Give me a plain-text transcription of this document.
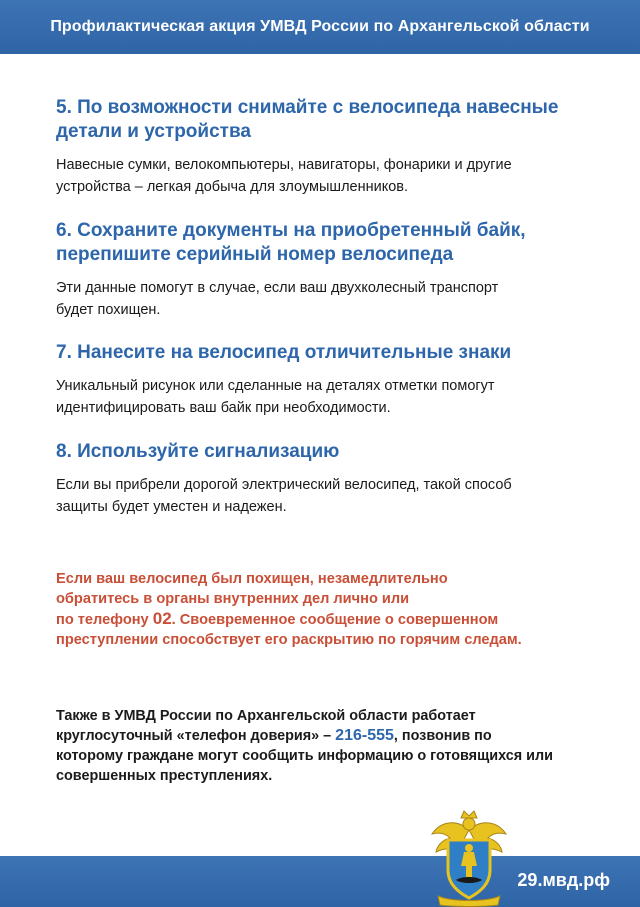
Профилактическая акция УМВД России по Архангельской области
5. По возможности снимайте с велосипеда навесные
детали и устройства

Навесные сумки, велокомпьютеры, навигаторы, фонарики и другие
устройства – легкая добыча для злоумышленников.

6. Сохраните документы на приобретенный байк,
перепишите серийный номер велосипеда

Эти данные помогут в случае, если ваш двухколесный транспорт
будет похищен.

7. Нанесите на велосипед отличительные знаки

Уникальный рисунок или сделанные на деталях отметки помогут
идентифицировать ваш байк при необходимости.

8. Используйте сигнализацию

Если вы прибрели дорогой электрический велосипед, такой способ
защиты будет уместен и надежен.

Если ваш велосипед был похищен, незамедлительно
обратитесь в органы внутренних дел лично или
по телефону 02. Своевременное сообщение о совершенном
преступлении способствует его раскрытию по горячим следам.
Также в УМВД России по Архангельской области работает
круглосуточный «телефон доверия» – 216-555, позвонив по
которому граждане могут сообщить информацию о готовящихся или
совершенных преступлениях.
29.мвд.рф
